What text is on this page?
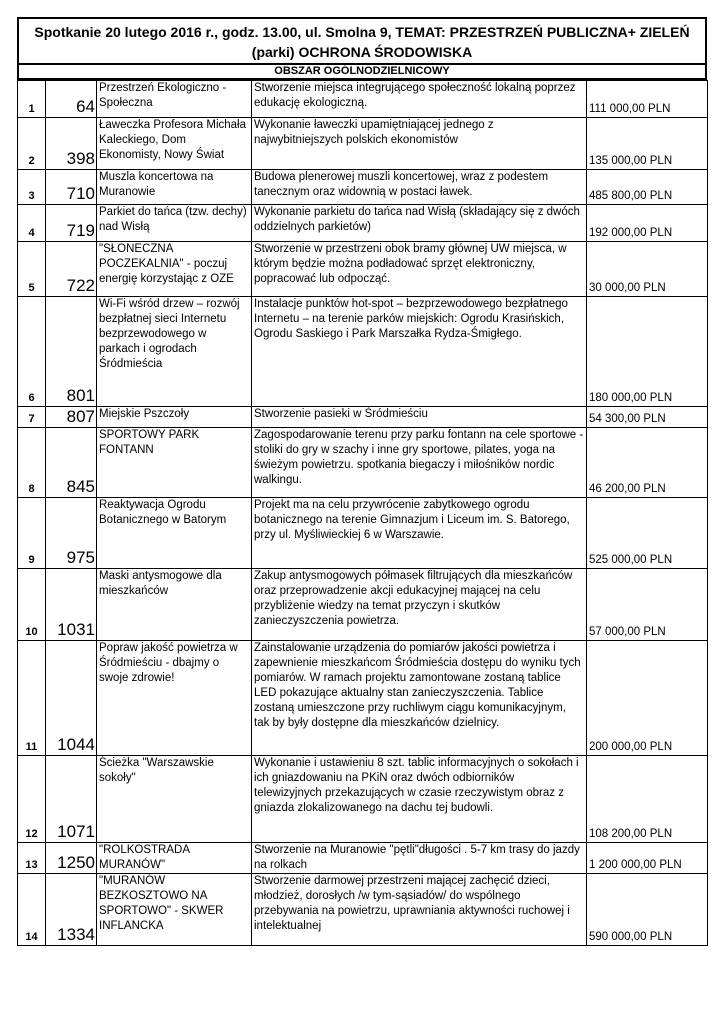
Spotkanie 20 lutego 2016 r., godz. 13.00, ul. Smolna 9, TEMAT: PRZESTRZEŃ PUBLICZNA+ ZIELEŃ
(parki) OCHRONA ŚRODOWISKA
OBSZAR OGÓLNODZIELNICOWY
1	64	Przestrzeń Ekologiczno - Społeczna	Stworzenie miejsca integrującego społeczność lokalną poprzez edukację ekologiczną.	111 000,00 PLN
2	398	Ławeczka Profesora Michała Kaleckiego, Dom Ekonomisty, Nowy Świat	Wykonanie ławeczki upamiętniającej jednego z najwybitniejszych polskich ekonomistów	135 000,00 PLN
3	710	Muszla koncertowa na Muranowie	Budowa plenerowej muszli koncertowej, wraz z podestem tanecznym oraz widownią w postaci ławek.	485 800,00 PLN
4	719	Parkiet do tańca (tzw. dechy) nad Wisłą	Wykonanie parkietu do tańca nad Wisłą (składający się z dwóch oddzielnych parkietów)	192 000,00 PLN
5	722	"SŁONECZNA POCZEKALNIA" - poczuj energię korzystając z OZE	Stworzenie w przestrzeni obok bramy głównej UW miejsca, w którym będzie można podładować sprzęt elektroniczny, popracować lub odpocząć.	30 000,00 PLN
6	801	Wi-Fi wśród drzew – rozwój bezpłatnej sieci Internetu bezprzewodowego w parkach i ogrodach Śródmieścia	Instalacje punktów hot-spot – bezprzewodowego bezpłatnego Internetu – na terenie parków miejskich: Ogrodu Krasińskich, Ogrodu Saskiego i Park Marszałka Rydza-Śmigłego.	180 000,00 PLN
7	807	Miejskie Pszczoły	Stworzenie pasieki w Śródmieściu	54 300,00 PLN
8	845	SPORTOWY PARK FONTANN	Zagospodarowanie terenu przy parku fontann na cele sportowe - stoliki do gry w szachy i inne gry sportowe, pilates, yoga na świeżym powietrzu. spotkania biegaczy i miłośników nordic walkingu.	46 200,00 PLN
9	975	Reaktywacja Ogrodu Botanicznego w Batorym	Projekt ma na celu przywrócenie zabytkowego ogrodu botanicznego na terenie Gimnazjum i Liceum im. S. Batorego, przy ul. Myśliwieckiej 6 w Warszawie.	525 000,00 PLN
10	1031	Maski antysmogowe dla mieszkańców	Zakup antysmogowych półmasek filtrujących dla mieszkańców oraz przeprowadzenie akcji edukacyjnej mającej na celu przybliżenie wiedzy na temat przyczyn i skutków zanieczyszczenia powietrza.	57 000,00 PLN
11	1044	Popraw jakość powietrza w Śródmieściu - dbajmy o swoje zdrowie!	Zainstalowanie urządzenia do pomiarów jakości powietrza i zapewnienie mieszkańcom Śródmieścia dostępu do wyniku tych pomiarów. W ramach projektu zamontowane zostaną tablice LED pokazujące aktualny stan zanieczyszczenia. Tablice zostaną umieszczone przy ruchliwym ciągu komunikacyjnym, tak by były dostępne dla mieszkańców dzielnicy.	200 000,00 PLN
12	1071	Ścieżka "Warszawskie sokoły"	Wykonanie i ustawieniu 8 szt. tablic informacyjnych o sokołach i ich gniazdowaniu na PKiN oraz dwóch odbiorników telewizyjnych przekazujących w czasie rzeczywistym obraz z gniazda zlokalizowanego na dachu tej budowli.	108 200,00 PLN
13	1250	"ROLKOSTRADA MURANÓW"	Stworzenie na Muranowie "pętli"długości . 5-7 km trasy do jazdy na rolkach	1 200 000,00 PLN
14	1334	"MURANÓW BEZKOSZTOWO NA SPORTOWO" - SKWER INFLANCKA	Stworzenie darmowej przestrzeni mającej zachęcić dzieci, młodzież, dorosłych /w tym-sąsiadów/ do wspólnego przebywania na powietrzu, uprawniania aktywności ruchowej i intelektualnej	590 000,00 PLN
